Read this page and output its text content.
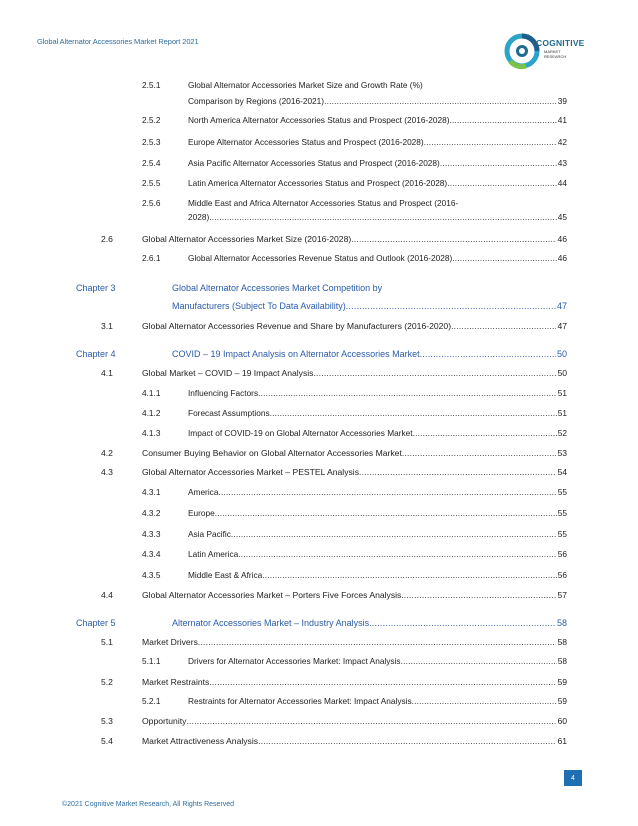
Global Alternator Accessories Market Report 2021	COGNITIVE
MARKET
RESEARCH
2.5.1	Global Alternator Accessories Market Size and Growth Rate (%)
Comparison by Regions (2016-2021) .....	39
2.5.2	North America Alternator Accessories Status and Prospect (2016-2028) .....	41
2.5.3	Europe Alternator Accessories Status and Prospect (2016-2028) .....	42
2.5.4	Asia Pacific Alternator Accessories Status and Prospect (2016-2028) .....	43
2.5.5	Latin America Alternator Accessories Status and Prospect (2016-2028) .....	44
2.5.6	Middle East and Africa Alternator Accessories Status and Prospect (2016-
2028) .....	45
2.6	Global Alternator Accessories Market Size (2016-2028) .....	46
2.6.1	Global Alternator Accessories Revenue Status and Outlook (2016-2028) .....	46
Chapter 3	Global Alternator Accessories Market Competition by
Manufacturers (Subject To Data Availability) .....	47
3.1	Global Alternator Accessories Revenue and Share by Manufacturers (2016-2020) .....	47
Chapter 4	COVID – 19 Impact Analysis on Alternator Accessories Market .....	50
4.1	Global Market – COVID – 19 Impact Analysis .....	50
4.1.1	Influencing Factors .....	51
4.1.2	Forecast Assumptions .....	51
4.1.3	Impact of COVID-19 on Global Alternator Accessories Market .....	52
4.2	Consumer Buying Behavior on Global Alternator Accessories Market .....	53
4.3	Global Alternator Accessories Market – PESTEL Analysis .....	54
4.3.1	America .....	55
4.3.2	Europe .....	55
4.3.3	Asia Pacific .....	55
4.3.4	Latin America .....	56
4.3.5	Middle East & Africa .....	56
4.4	Global Alternator Accessories Market – Porters Five Forces Analysis. .....	57
Chapter 5	Alternator Accessories Market – Industry Analysis .....	58
5.1	Market Drivers .....	58
5.1.1	Drivers for Alternator Accessories Market: Impact Analysis .....	58
5.2	Market Restraints .....	59
5.2.1	Restraints for Alternator Accessories Market: Impact Analysis .....	59
5.3	Opportunity .....	60
5.4	Market Attractiveness Analysis .....	61
4
©2021 Cognitive Market Research, All Rights Reserved
